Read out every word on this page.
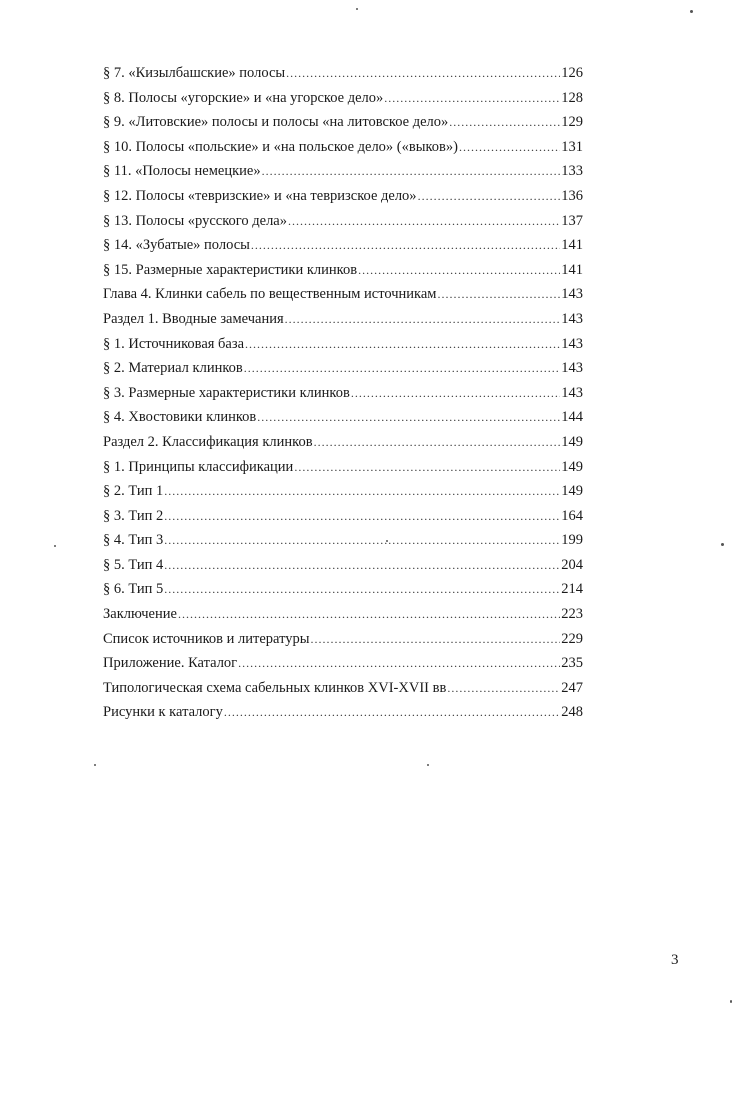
§ 7. «Кизылбашские» полосы .....	126
§ 8. Полосы «угорские» и «на угорское дело» .....	128
§ 9. «Литовские» полосы и полосы «на литовское дело» .....	129
§ 10. Полосы «польские» и «на польское дело» («выков») .....	131
§ 11. «Полосы немецкие» .....	133
§ 12. Полосы «тевризские» и «на тевризское дело» .....	136
§ 13. Полосы «русского дела» .....	137
§ 14. «Зубатые» полосы .....	141
§ 15. Размерные характеристики клинков .....	141
Глава 4. Клинки сабель по вещественным источникам .....	143
Раздел 1. Вводные замечания .....	143
§ 1. Источниковая база .....	143
§ 2. Материал клинков .....	143
§ 3. Размерные характеристики клинков .....	143
§ 4. Хвостовики клинков .....	144
Раздел 2. Классификация клинков .....	149
§ 1. Принципы классификации .....	149
§ 2. Тип 1 .....	149
§ 3. Тип 2 .....	164
§ 4. Тип 3 .....	199
§ 5. Тип 4 .....	204
§ 6. Тип 5 .....	214
Заключение .....	223
Список источников и литературы .....	229
Приложение. Каталог .....	235
Типологическая схема сабельных клинков XVI-XVII вв .....	247
Рисунки к каталогу .....	248
3
